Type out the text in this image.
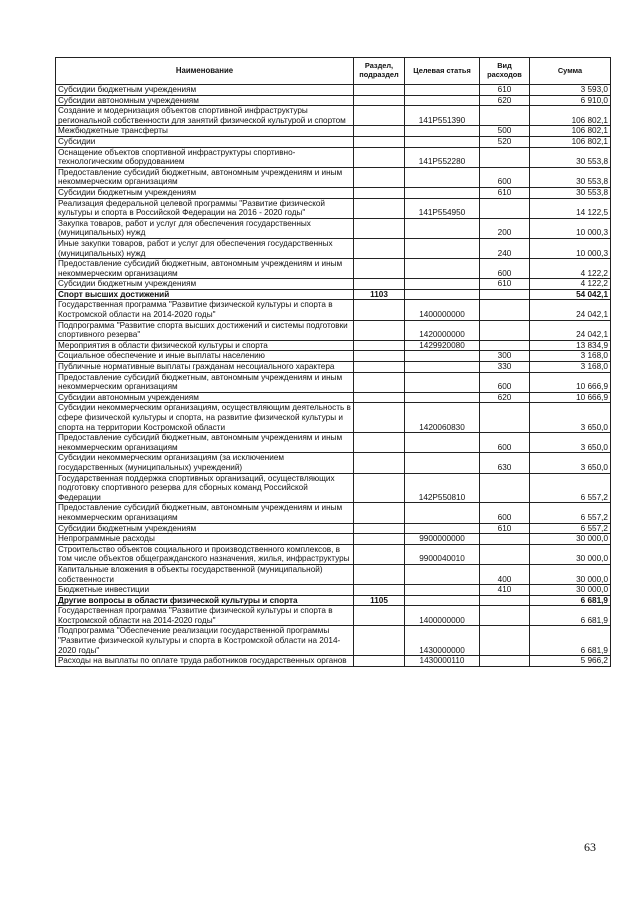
Наименование	Раздел, подраздел	Целевая статья	Вид расходов	Сумма
Субсидии бюджетным учреждениям			610	3 593,0
Субсидии автономным учреждениям			620	6 910,0
Создание и модернизация объектов спортивной инфраструктуры региональной собственности для занятий физической культурой и спортом		141P551390		106 802,1
Межбюджетные трансферты			500	106 802,1
Субсидии			520	106 802,1
Оснащение объектов спортивной инфраструктуры спортивно-технологическим оборудованием		141P552280		30 553,8
Предоставление субсидий бюджетным, автономным учреждениям и иным некоммерческим организациям			600	30 553,8
Субсидии бюджетным учреждениям			610	30 553,8
Реализация федеральной целевой программы "Развитие физической культуры и спорта в Российской Федерации на 2016 - 2020 годы"		141P554950		14 122,5
Закупка товаров, работ и услуг для обеспечения государственных (муниципальных) нужд			200	10 000,3
Иные закупки товаров, работ и услуг для обеспечения государственных (муниципальных) нужд			240	10 000,3
Предоставление субсидий бюджетным, автономным учреждениям и иным некоммерческим организациям			600	4 122,2
Субсидии бюджетным учреждениям			610	4 122,2
Спорт высших достижений	1103			54 042,1
Государственная программа "Развитие физической культуры и спорта в Костромской области на 2014-2020 годы"		1400000000		24 042,1
Подпрограмма "Развитие спорта высших достижений и системы подготовки спортивного резерва"		1420000000		24 042,1
Мероприятия в области физической культуры и спорта		1429920080		13 834,9
Социальное обеспечение и иные выплаты населению			300	3 168,0
Публичные нормативные выплаты гражданам несоциального характера			330	3 168,0
Предоставление субсидий бюджетным, автономным учреждениям и иным некоммерческим организациям			600	10 666,9
Субсидии автономным учреждениям			620	10 666,9
Субсидии некоммерческим организациям, осуществляющим деятельность в сфере физической культуры и спорта, на развитие физической культуры и спорта на территории Костромской области		1420060830		3 650,0
Предоставление субсидий бюджетным, автономным учреждениям и иным некоммерческим организациям			600	3 650,0
Субсидии некоммерческим организациям (за исключением государственных (муниципальных) учреждений)			630	3 650,0
Государственная поддержка спортивных организаций, осуществляющих подготовку спортивного резерва для сборных команд Российской Федерации		142P550810		6 557,2
Предоставление субсидий бюджетным, автономным учреждениям и иным некоммерческим организациям			600	6 557,2
Субсидии бюджетным учреждениям			610	6 557,2
Непрограммные расходы		9900000000		30 000,0
Строительство объектов социального и производственного комплексов, в том числе объектов общегражданского назначения, жилья, инфраструктуры		9900040010		30 000,0
Капитальные вложения в объекты государственной (муниципальной) собственности			400	30 000,0
Бюджетные инвестиции			410	30 000,0
Другие вопросы в области физической культуры и спорта	1105			6 681,9
Государственная программа "Развитие физической культуры и спорта в Костромской области на 2014-2020 годы"		1400000000		6 681,9
Подпрограмма "Обеспечение реализации государственной программы "Развитие физической культуры и спорта в Костромской области на 2014-2020 годы"		1430000000		6 681,9
Расходы на выплаты по оплате труда работников государственных органов		1430000110		5 966,2
63
